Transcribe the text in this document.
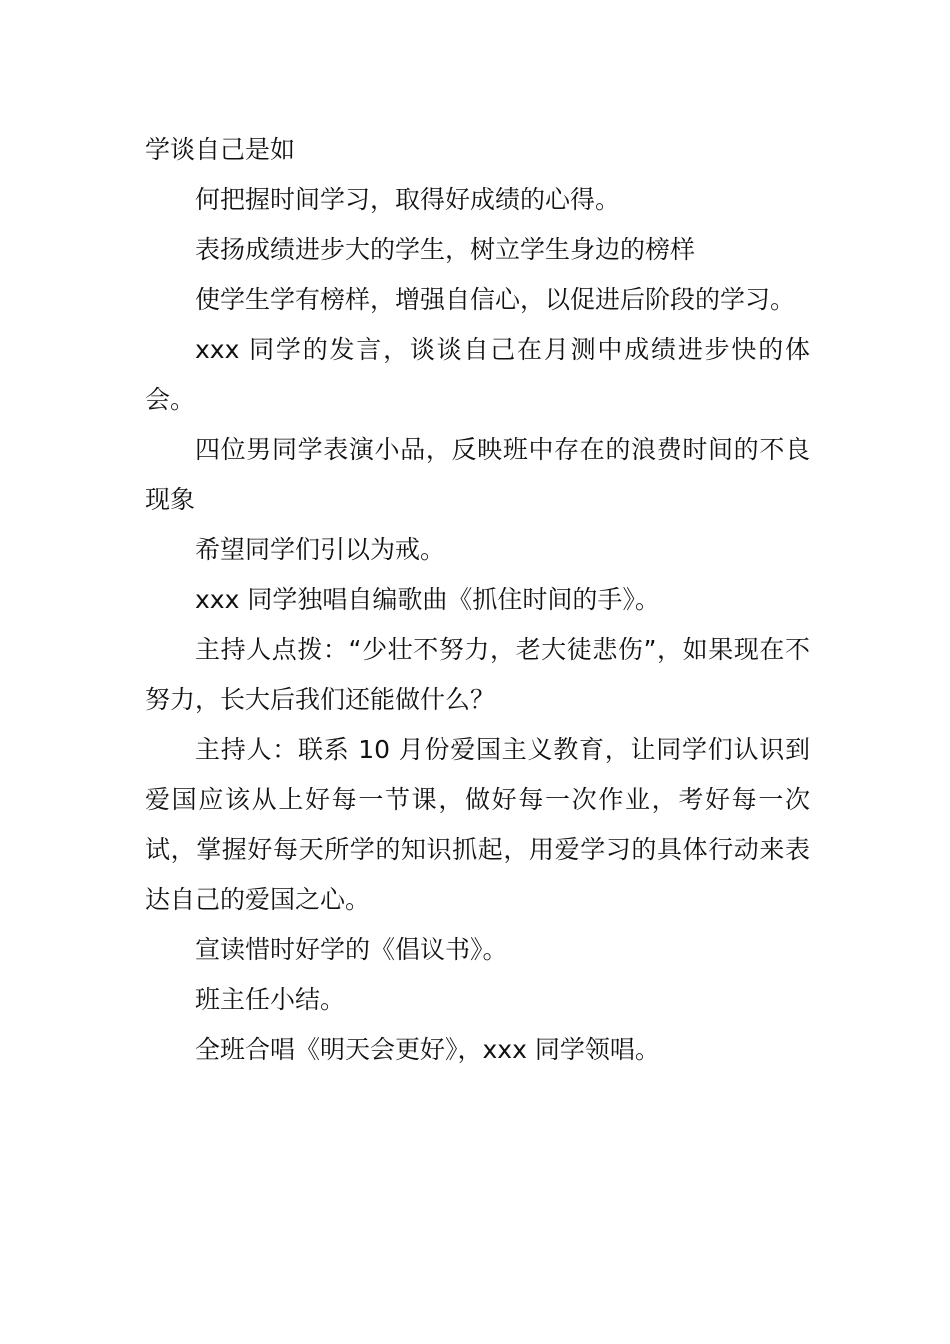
学谈自己是如

何把握时间学习，取得好成绩的心得。

表扬成绩进步大的学生，树立学生身边的榜样

使学生学有榜样，增强自信心，以促进后阶段的学习。

xxx 同学的发言，谈谈自己在月测中成绩进步快的体会。

四位男同学表演小品，反映班中存在的浪费时间的不良现象

希望同学们引以为戒。

xxx 同学独唱自编歌曲《抓住时间的手》。

主持人点拨：“少壮不努力，老大徒悲伤”，如果现在不努力，长大后我们还能做什么？

主持人：联系 10 月份爱国主义教育，让同学们认识到爱国应该从上好每一节课，做好每一次作业，考好每一次试，掌握好每天所学的知识抓起，用爱学习的具体行动来表达自己的爱国之心。

宣读惜时好学的《倡议书》。

班主任小结。

全班合唱《明天会更好》，xxx 同学领唱。
